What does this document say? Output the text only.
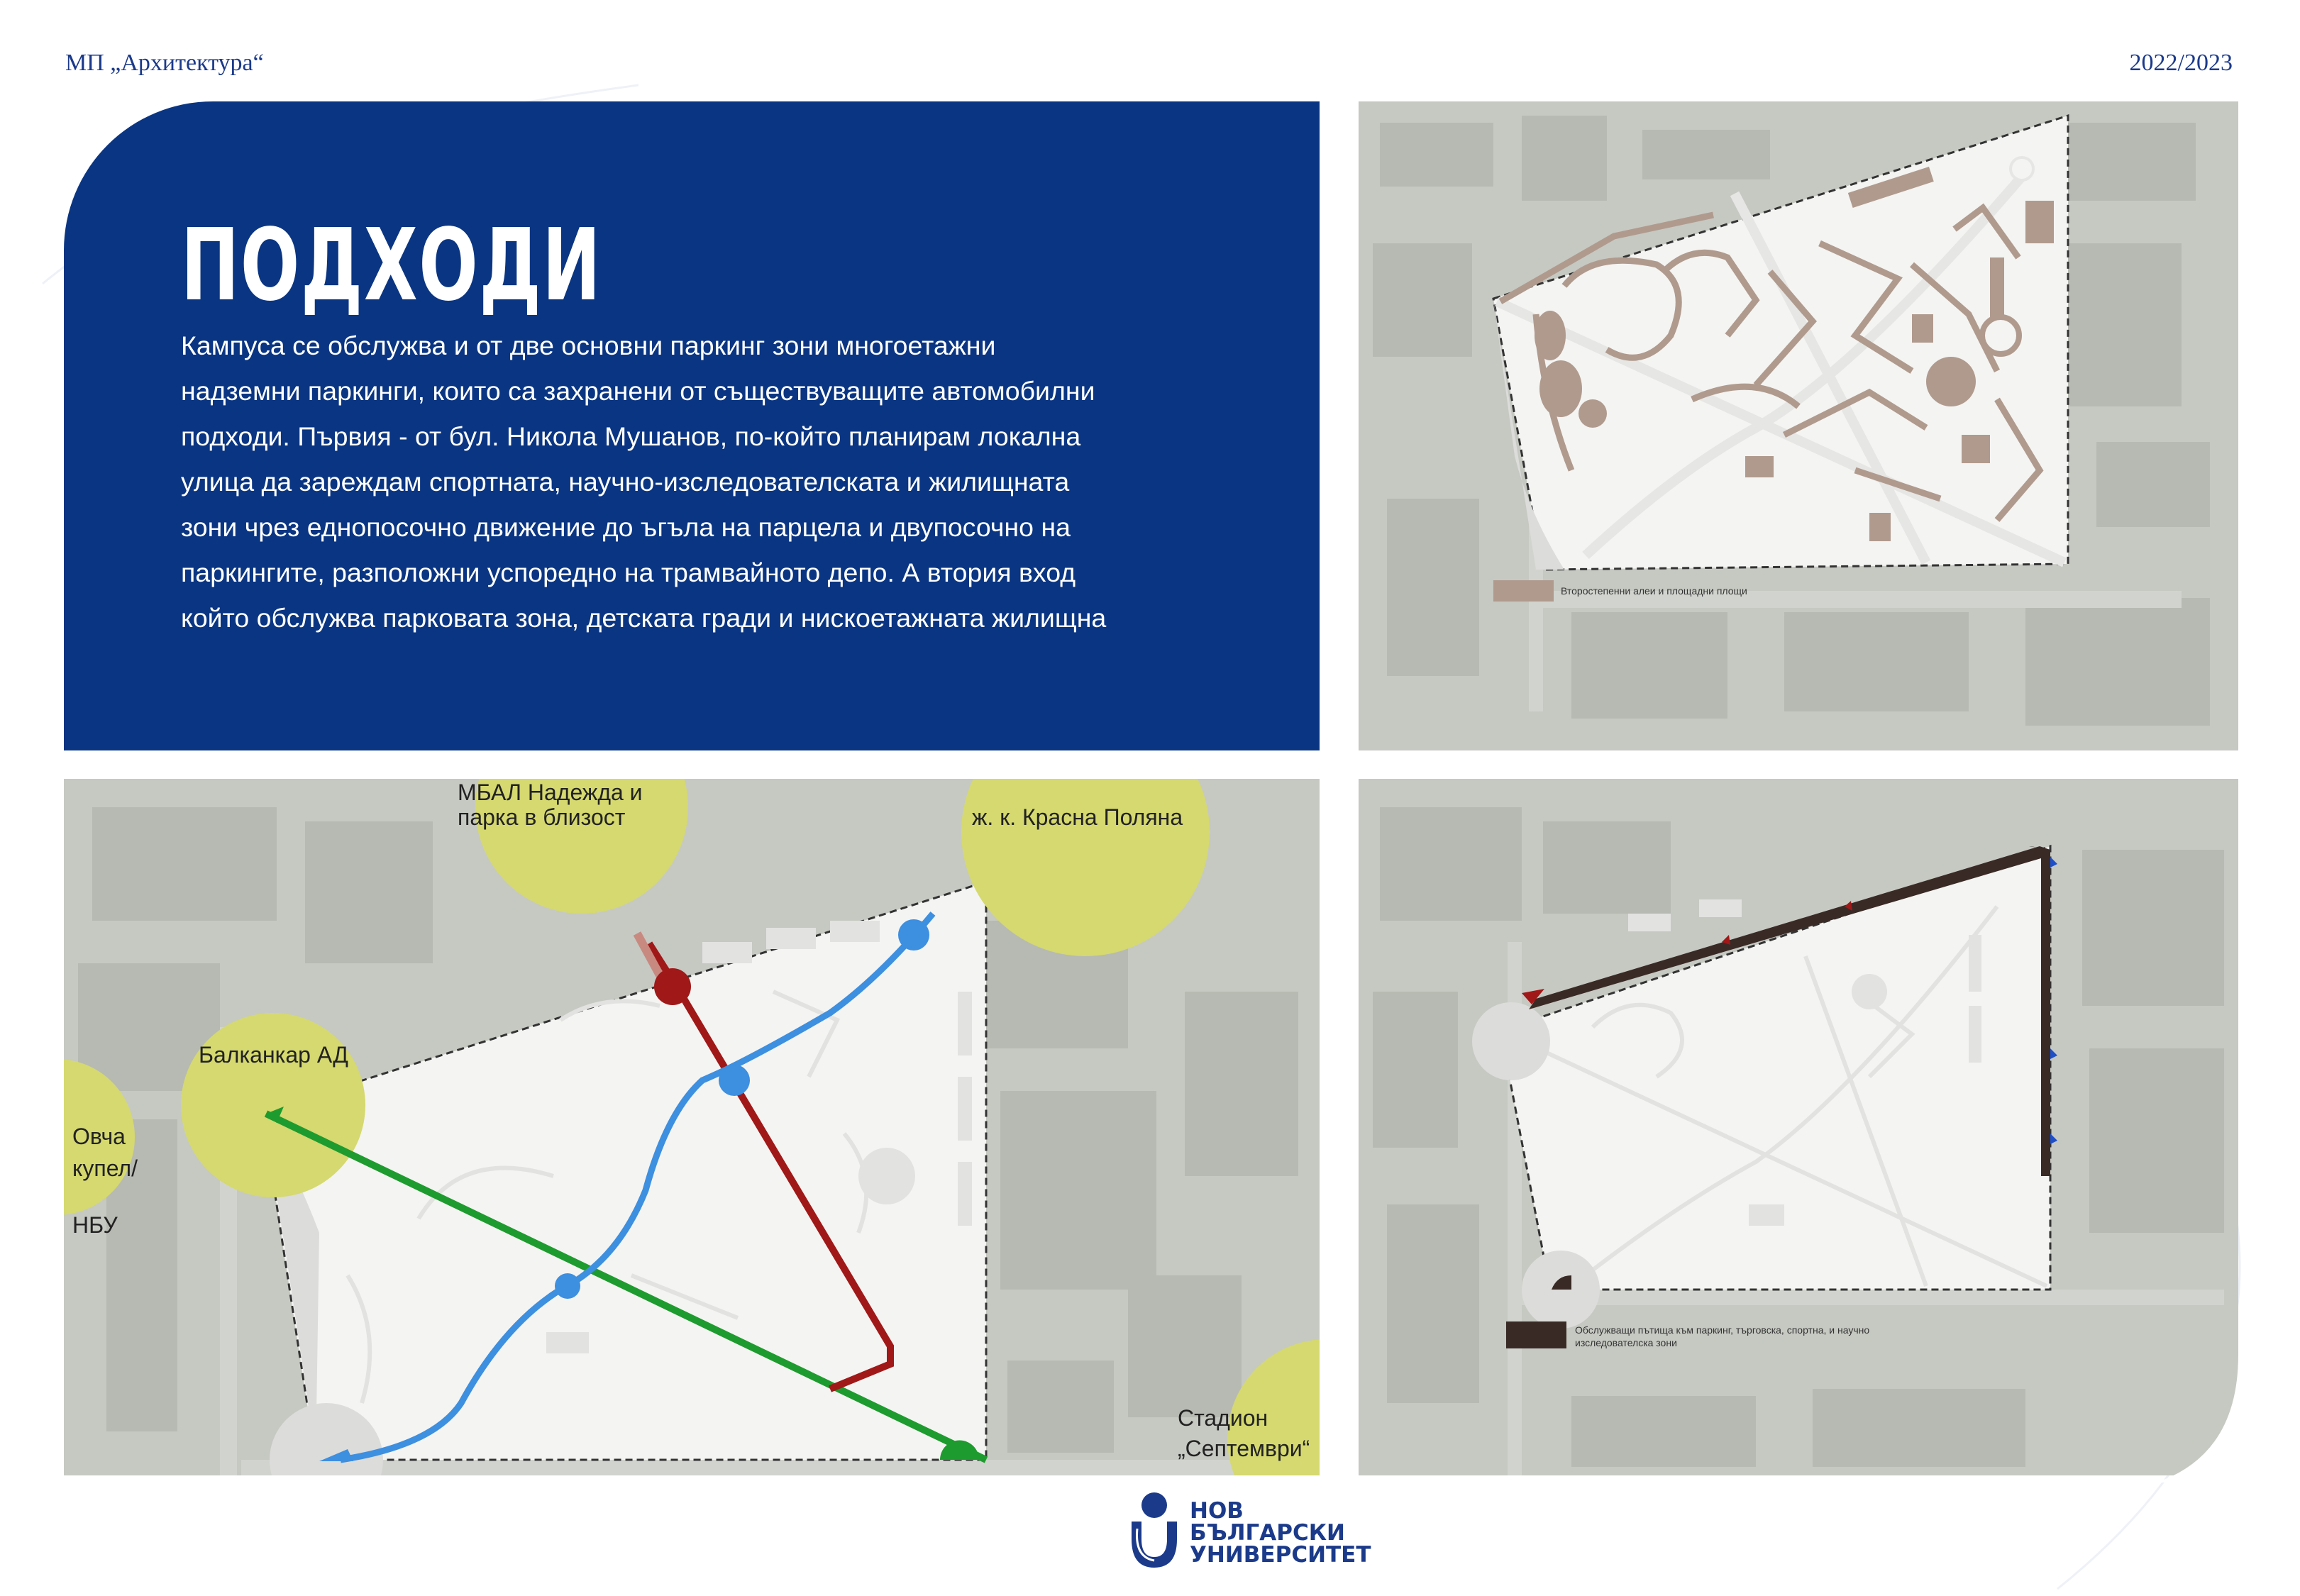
МП „Архитектура“	2022/2023
ПОДХОДИ
Кампуса се обслужва и от две основни паркинг зони многоетажни
надземни паркинги, които са захранени от съществуващите автомобилни
подходи. Първия - от бул. Никола Мушанов, по-който планирам локална
улица да зареждам спортната, научно-изследователската и жилищната
зони чрез еднопосочно движение до ъгъла на парцела и двупосочно на
паркингите, разположни успоредно на трамвайното депо. А втория вход
който обслужва парковата зона, детската гради и нискоетажната жилищна
Второстепенни алеи и площадни площи
МБАЛ Надежда и
парка в близост	ж. к. Красна Поляна
Балканкар АД
Овча
купел/
НБУ
Стадион
„Септември“
Обслужващи пътища към паркинг, търговска, спортна, и научно
изследователска зони
НОВ
БЪЛГАРСКИ
УНИВЕРСИТЕТ
